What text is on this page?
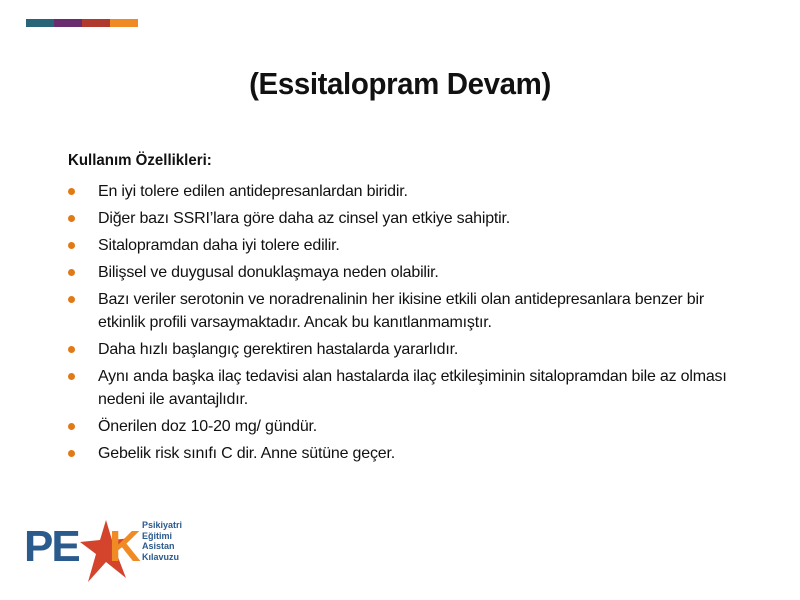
(Essitalopram Devam)
Kullanım Özellikleri:
En iyi tolere edilen antidepresanlardan biridir.
Diğer bazı SSRI’lara göre daha az cinsel yan etkiye sahiptir.
Sitalopramdan daha iyi tolere edilir.
Bilişsel ve duygusal donuklaşmaya neden olabilir.
Bazı veriler serotonin ve noradrenalinin her ikisine etkili olan antidepresanlara benzer bir etkinlik profili varsaymaktadır. Ancak bu kanıtlanmamıştır.
Daha hızlı başlangıç gerektiren hastalarda yararlıdır.
Aynı anda başka ilaç tedavisi alan hastalarda ilaç etkileşiminin sitalopramdan bile az olması nedeni ile avantajlıdır.
Önerilen doz 10-20 mg/ gündür.
Gebelik risk sınıfı C dir. Anne sütüne geçer.
PE K Psikiyatri
Eğitimi
Asistan
Kılavuzu
